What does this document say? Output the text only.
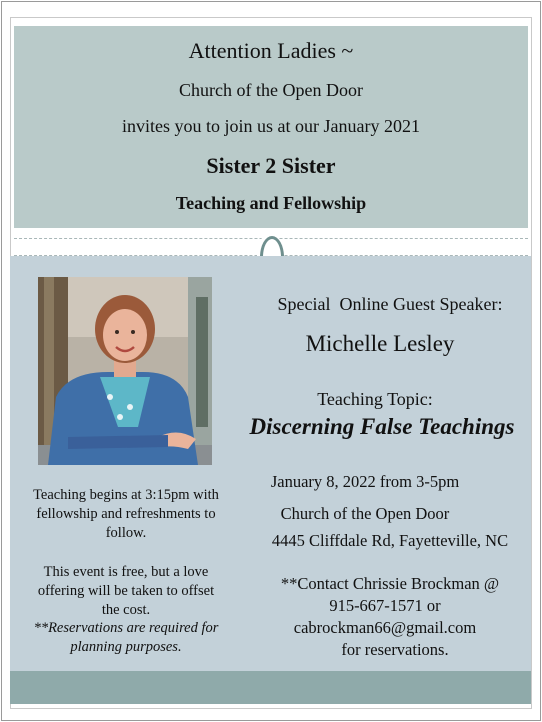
Attention Ladies ~
Church of the Open Door
invites you to join us at our January 2021
Sister 2 Sister
Teaching and Fellowship
Teaching begins at 3:15pm with fellowship and refreshments to follow.
This event is free, but a love offering will be taken to offset the cost.
**Reservations are required for planning purposes.
Special  Online Guest Speaker:
Michelle Lesley
Teaching Topic:
Discerning False Teachings
January 8, 2022 from 3-5pm
Church of the Open Door
4445 Cliffdale Rd, Fayetteville, NC
**Contact Chrissie Brockman @
915-667-1571 or
cabrockman66@gmail.com
for reservations.
